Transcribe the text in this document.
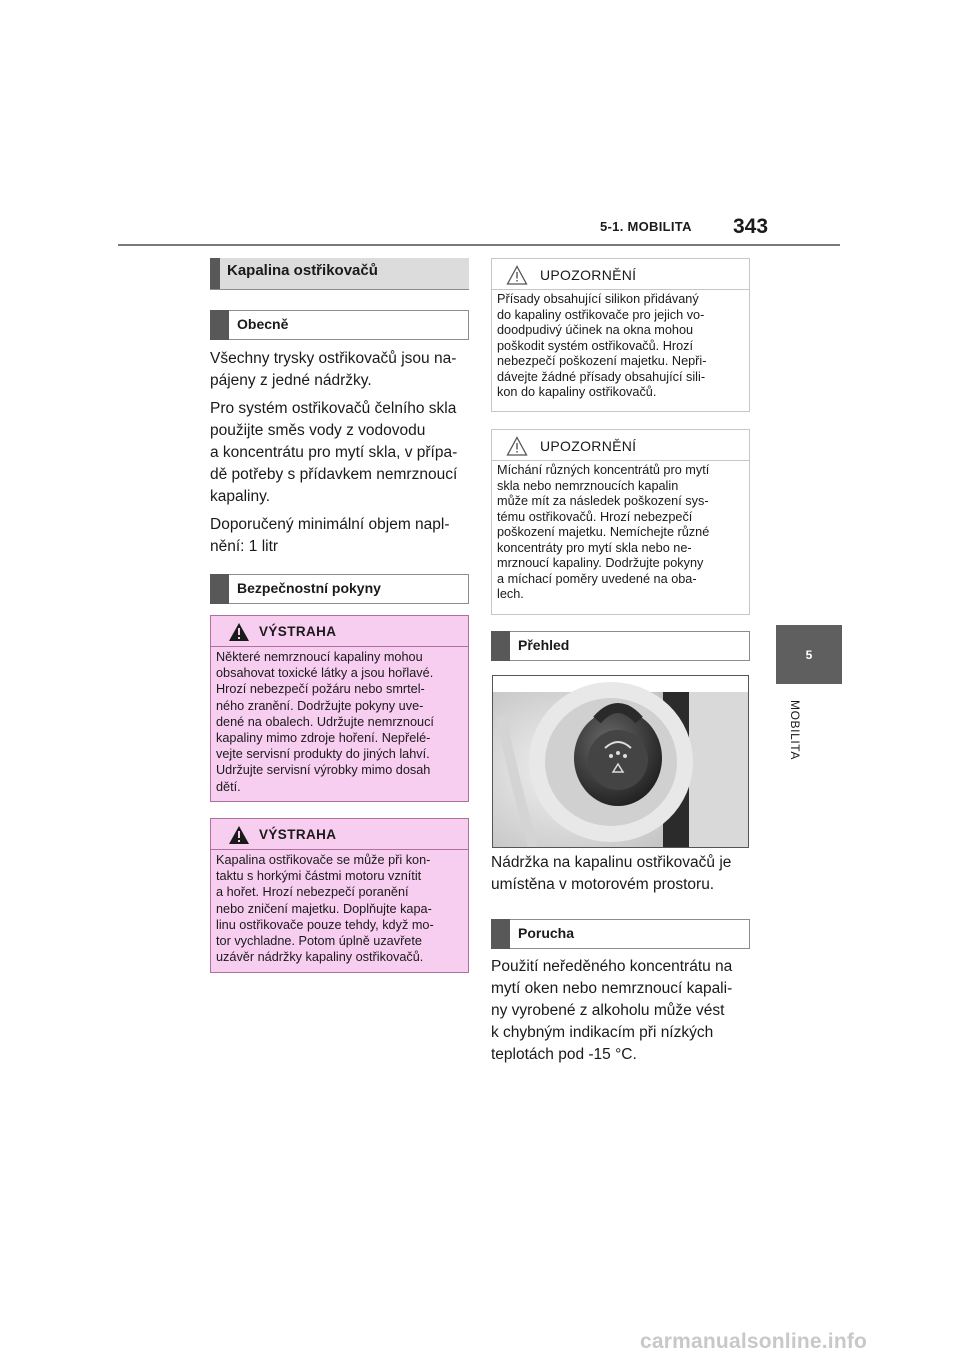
5-1. MOBILITA 343
5
MOBILITA
Kapalina ostřikovačů
Obecně
Všechny trysky ostřikovačů jsou na-
pájeny z jedné nádržky.
Pro systém ostřikovačů čelního skla
použijte směs vody z vodovodu
a koncentrátu pro mytí skla, v přípa-
dě potřeby s přídavkem nemrznoucí
kapaliny.
Doporučený minimální objem napl-
nění: 1 litr
Bezpečnostní pokyny
VÝSTRAHA
Některé nemrznoucí kapaliny mohou
obsahovat toxické látky a jsou hořlavé.
Hrozí nebezpečí požáru nebo smrtel-
ného zranění. Dodržujte pokyny uve-
dené na obalech. Udržujte nemrznoucí
kapaliny mimo zdroje hoření. Nepřelé-
vejte servisní produkty do jiných lahví.
Udržujte servisní výrobky mimo dosah
dětí.
VÝSTRAHA
Kapalina ostřikovače se může při kon-
taktu s horkými částmi motoru vznítit
a hořet. Hrozí nebezpečí poranění
nebo zničení majetku. Doplňujte kapa-
linu ostřikovače pouze tehdy, když mo-
tor vychladne. Potom úplně uzavřete
uzávěr nádržky kapaliny ostřikovačů.
UPOZORNĚNÍ
Přísady obsahující silikon přidávaný
do kapaliny ostřikovače pro jejich vo-
doodpudivý účinek na okna mohou
poškodit systém ostřikovačů. Hrozí
nebezpečí poškození majetku. Nepři-
dávejte žádné přísady obsahující sili-
kon do kapaliny ostřikovačů.
UPOZORNĚNÍ
Míchání různých koncentrátů pro mytí
skla nebo nemrznoucích kapalin
může mít za následek poškození sys-
tému ostřikovačů. Hrozí nebezpečí
poškození majetku. Nemíchejte různé
koncentráty pro mytí skla nebo ne-
mrznoucí kapaliny. Dodržujte pokyny
a míchací poměry uvedené na oba-
lech.
Přehled
Nádržka na kapalinu ostřikovačů je
umístěna v motorovém prostoru.
Porucha
Použití neředěného koncentrátu na
mytí oken nebo nemrznoucí kapali-
ny vyrobené z alkoholu může vést
k chybným indikacím při nízkých
teplotách pod -15 °C.
carmanualsonline.info
